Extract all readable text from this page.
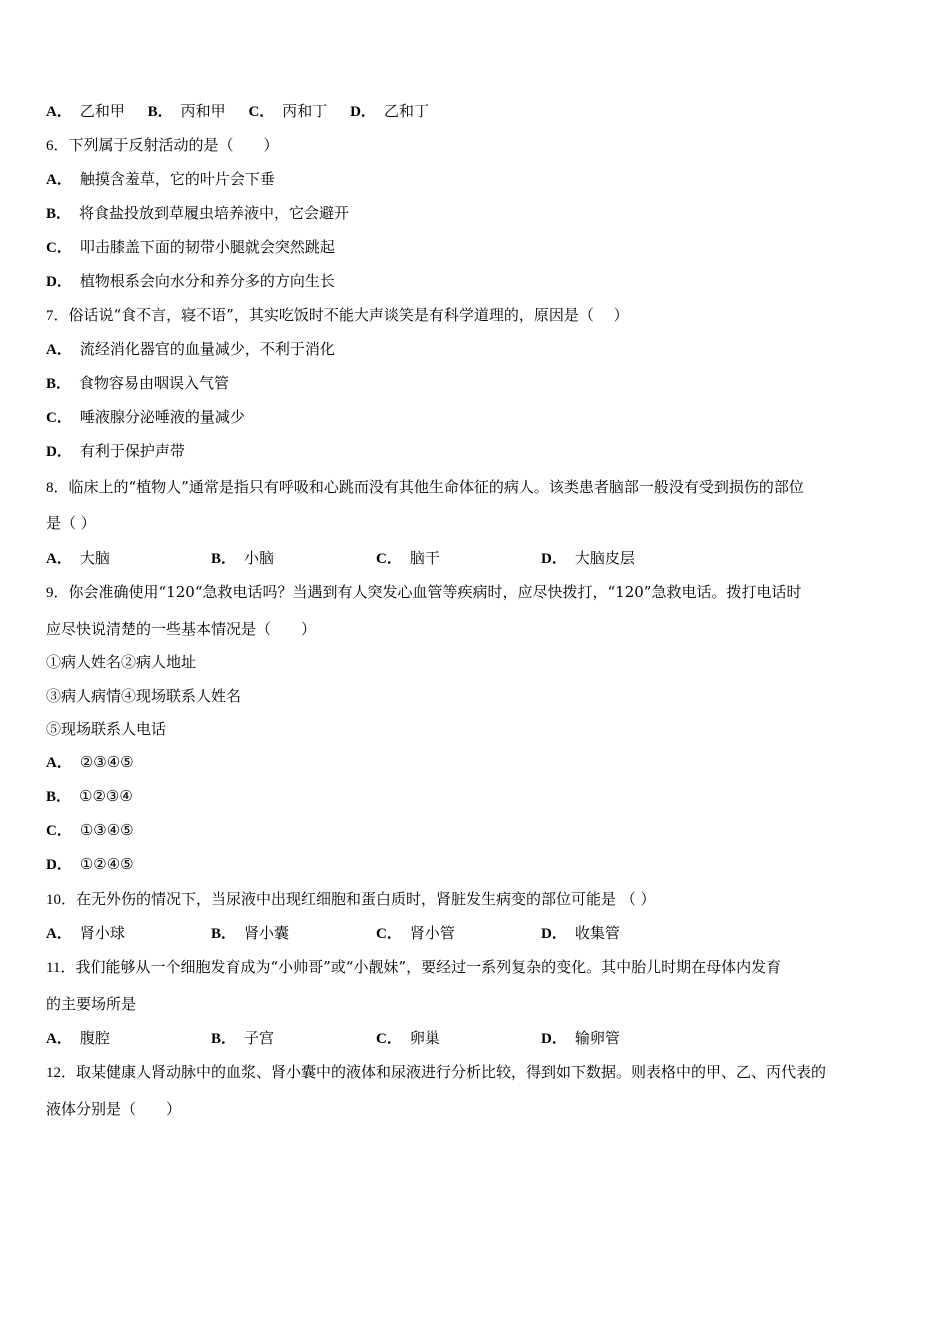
A． 乙和甲 B． 丙和甲 C． 丙和丁 D． 乙和丁
6．下列属于反射活动的是（　　）
A． 触摸含羞草，它的叶片会下垂
B． 将食盐投放到草履虫培养液中，它会避开
C． 叩击膝盖下面的韧带小腿就会突然跳起
D． 植物根系会向水分和养分多的方向生长
7．俗话说“食不言，寝不语”，其实吃饭时不能大声谈笑是有科学道理的，原因是（　 ）
A． 流经消化器官的血量减少，不利于消化
B． 食物容易由咽误入气管
C． 唾液腺分泌唾液的量减少
D． 有利于保护声带
8．临床上的“植物人”通常是指只有呼吸和心跳而没有其他生命体征的病人。该类患者脑部一般没有受到损伤的部位
是（ ）
A． 大脑	B． 小脑	C． 脑干	D． 大脑皮层
9．你会准确使用“120“急救电话吗？当遇到有人突发心血管等疾病时，应尽快拨打，“120”急救电话。拨打电话时
应尽快说清楚的一些基本情况是（　　）
①病人姓名②病人地址
③病人病情④现场联系人姓名
⑤现场联系人电话
A． ②③④⑤
B． ①②③④
C． ①③④⑤
D． ①②④⑤
10．在无外伤的情况下，当尿液中出现红细胞和蛋白质时，肾脏发生病变的部位可能是 （ ）
A． 肾小球	B． 肾小囊	C． 肾小管	D． 收集管
11．我们能够从一个细胞发育成为“小帅哥”或“小靓妹”，要经过一系列复杂的变化。其中胎儿时期在母体内发育
的主要场所是
A． 腹腔	B． 子宫	C． 卵巢	D． 输卵管
12．取某健康人肾动脉中的血浆、肾小囊中的液体和尿液进行分析比较，得到如下数据。则表格中的甲、乙、丙代表的
液体分别是（　　）
